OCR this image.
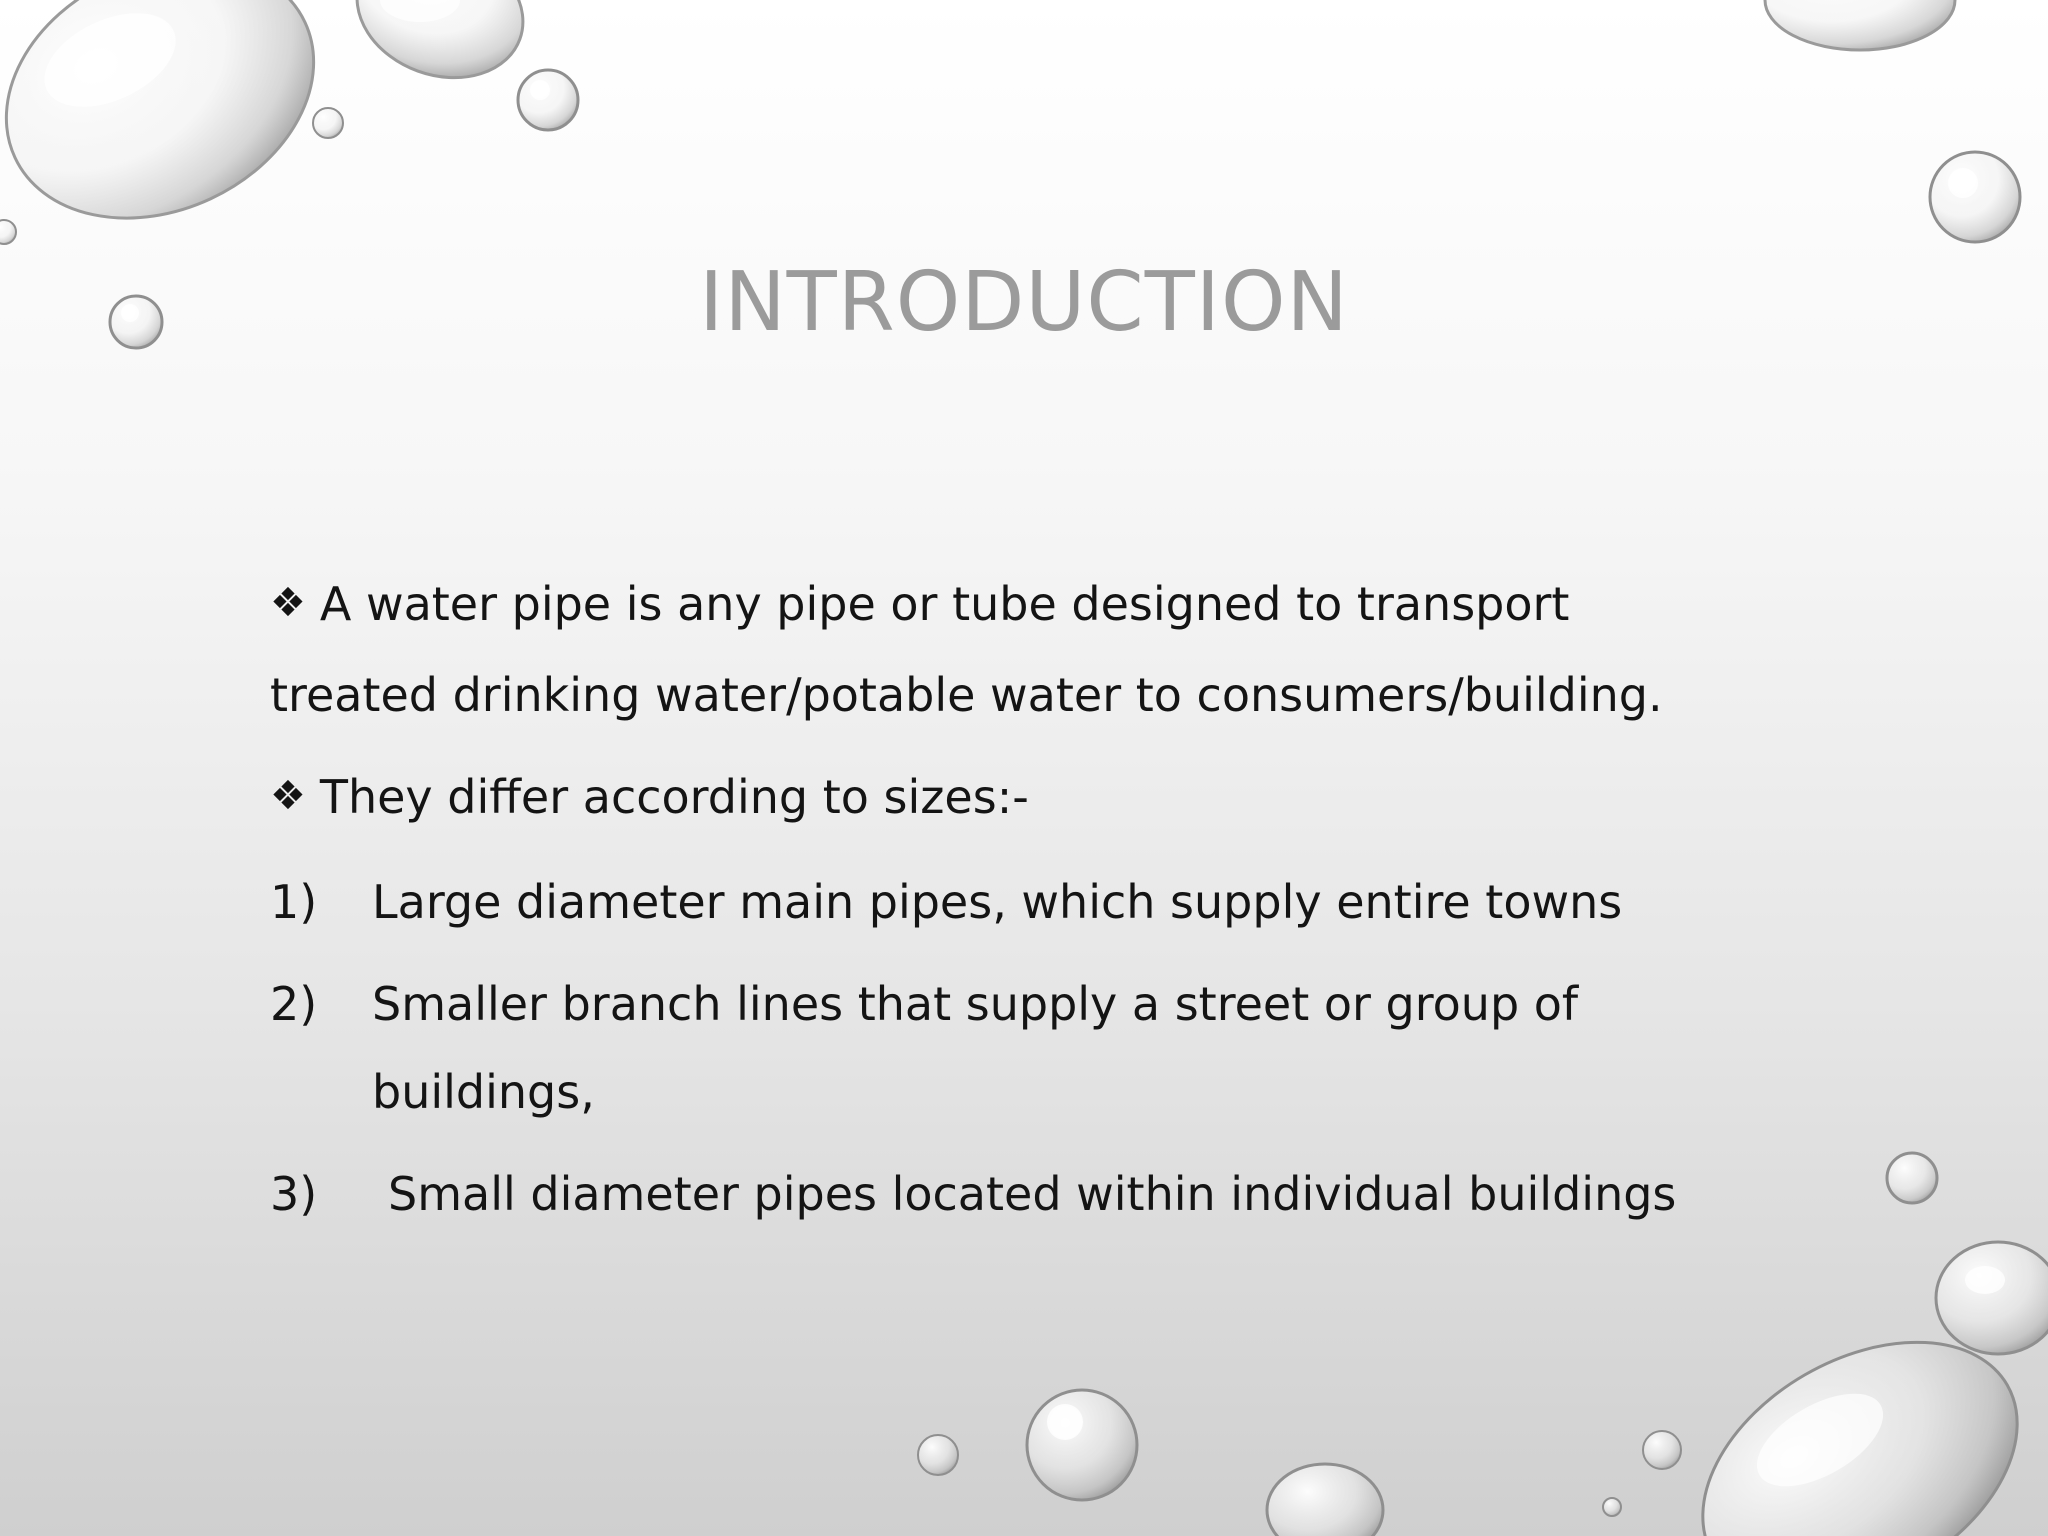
INTRODUCTION

❖ A water pipe is any pipe or tube designed to transport treated drinking water/potable water to consumers/building.

❖ They differ according to sizes:-

1)	Large diameter main pipes, which supply entire towns
2)	Smaller branch lines that supply a street or group of buildings,
3)	Small diameter pipes located within individual buildings
